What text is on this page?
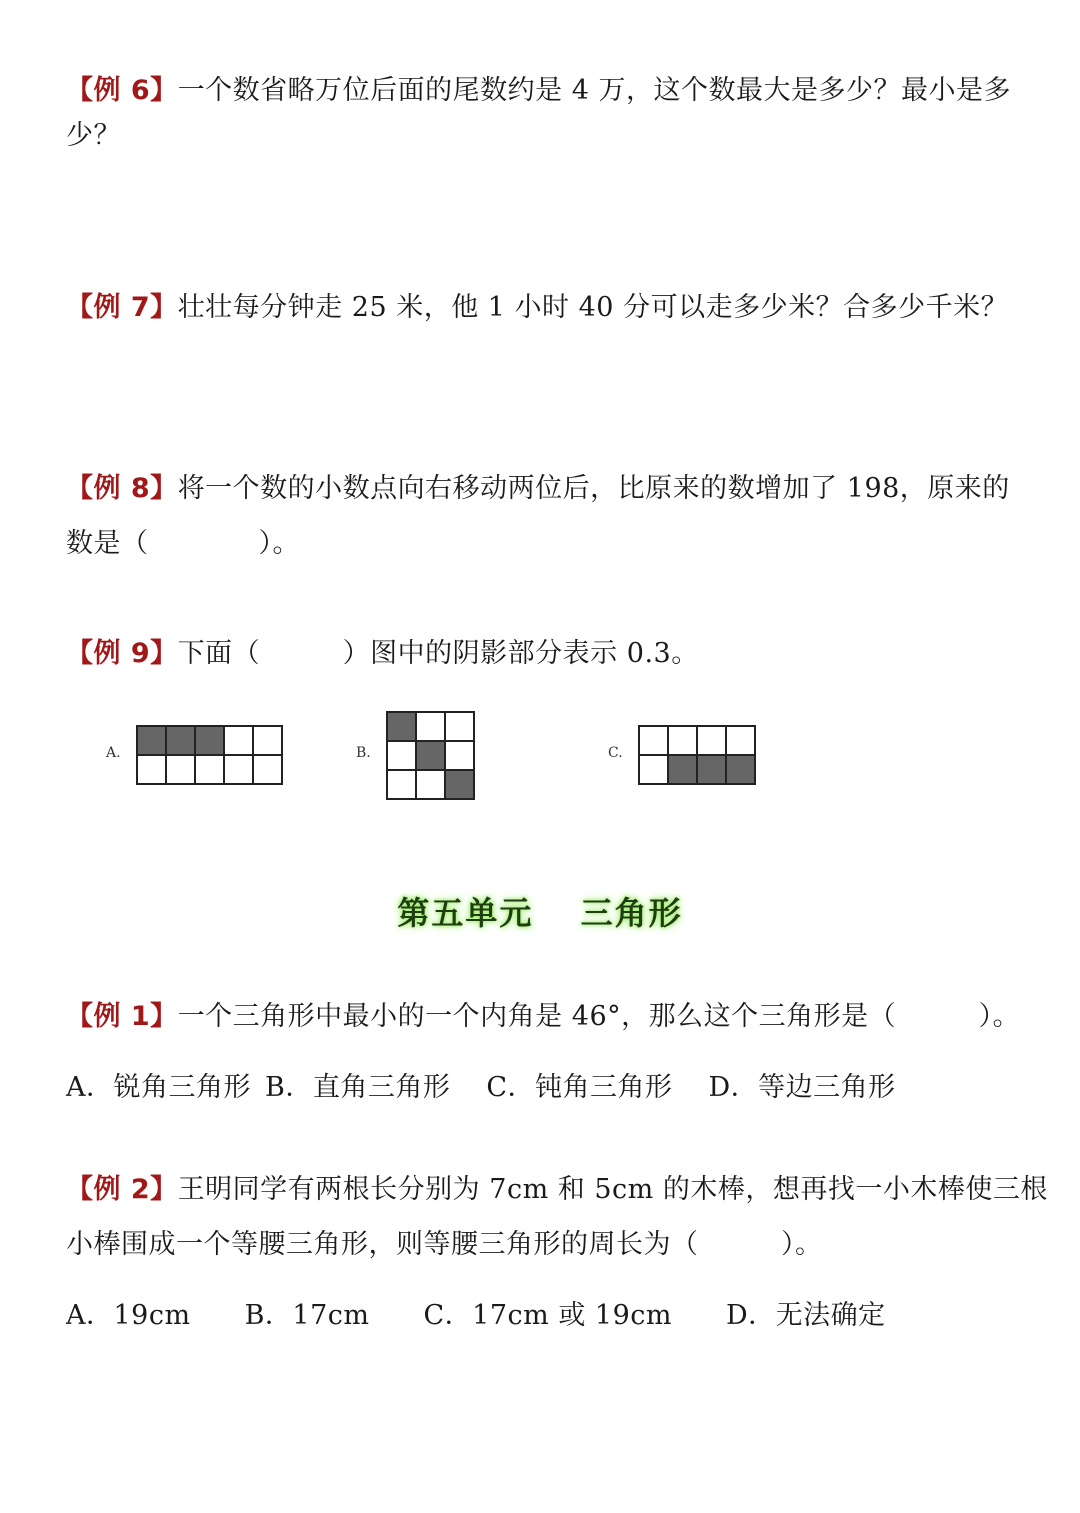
【例 6】一个数省略万位后面的尾数约是 4 万，这个数最大是多少？最小是多
少？
【例 7】壮壮每分钟走 25 米，他 1 小时 40 分可以走多少米？合多少千米？
【例 8】将一个数的小数点向右移动两位后，比原来的数增加了 198，原来的
数是（　　　　）。
【例 9】下面（　　　）图中的阴影部分表示 0.3。
A.	B.	C.
第五单元　 三角形
【例 1】一个三角形中最小的一个内角是 46°，那么这个三角形是（　　　）。
A．锐角三角形 B．直角三角形 C．钝角三角形 D．等边三角形
【例 2】王明同学有两根长分别为 7cm 和 5cm 的木棒，想再找一小木棒使三根
小棒围成一个等腰三角形，则等腰三角形的周长为（　　　）。
A．19cm B．17cm C．17cm 或 19cm D．无法确定
